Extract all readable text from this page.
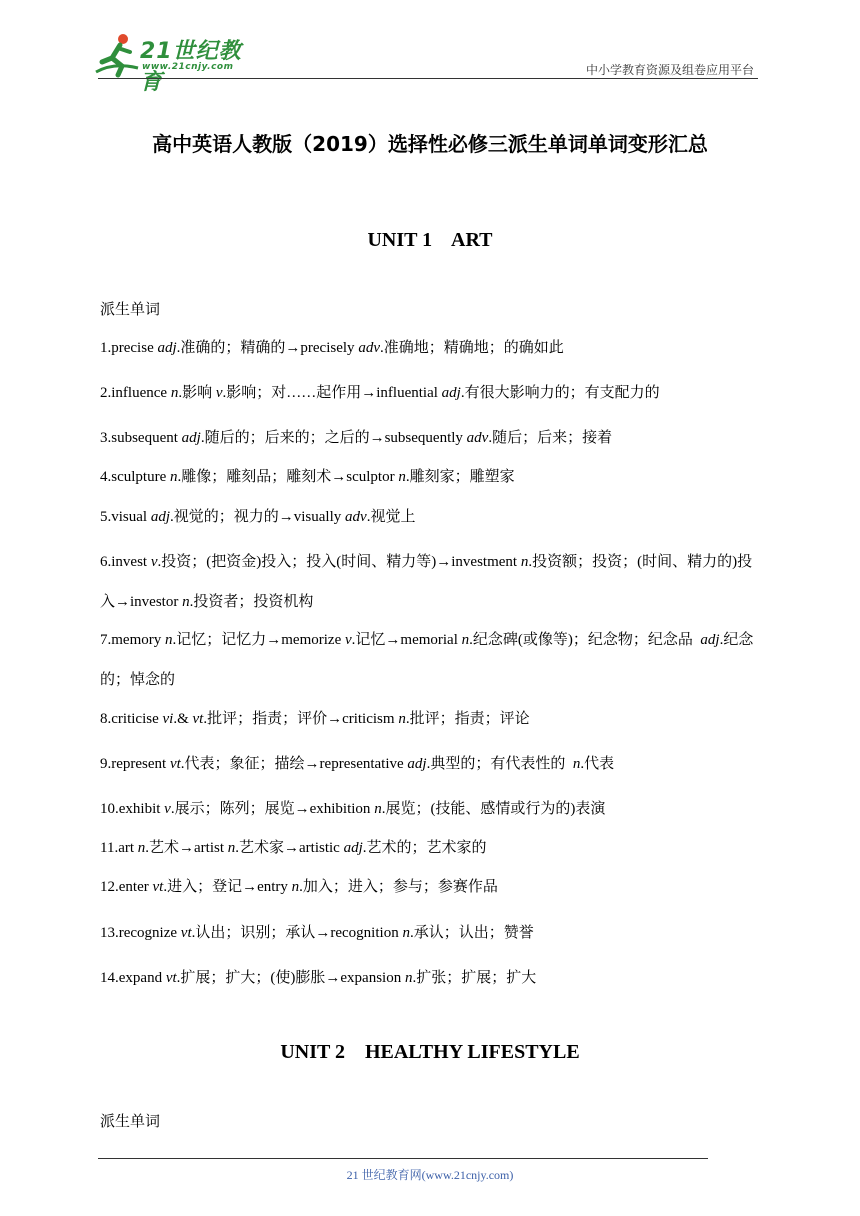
21世纪教育
www.21cnjy.com	中小学教育资源及组卷应用平台
高中英语人教版（2019）选择性必修三派生单词单词变形汇总
UNIT 1    ART
派生单词
1.precise adj.准确的；精确的→precisely adv.准确地；精确地；的确如此
2.influence n.影响 v.影响；对……起作用→influential adj.有很大影响力的；有支配力的
3.subsequent adj.随后的；后来的；之后的→subsequently adv.随后；后来；接着
4.sculpture n.雕像；雕刻品；雕刻术→sculptor n.雕刻家；雕塑家
5.visual adj.视觉的；视力的→visually adv.视觉上
6.invest v.投资；(把资金)投入；投入(时间、精力等)→investment n.投资额；投资；(时间、精力的)投入→investor n.投资者；投资机构
7.memory n.记忆；记忆力→memorize v.记忆→memorial n.纪念碑(或像等)；纪念物；纪念品  adj.纪念的；悼念的
8.criticise vi.& vt.批评；指责；评价→criticism n.批评；指责；评论
9.represent vt.代表；象征；描绘→representative adj.典型的；有代表性的  n.代表
10.exhibit v.展示；陈列；展览→exhibition n.展览；(技能、感情或行为的)表演
11.art n.艺术→artist n.艺术家→artistic adj.艺术的；艺术家的
12.enter vt.进入；登记→entry n.加入；进入；参与；参赛作品
13.recognize vt.认出；识别；承认→recognition n.承认；认出；赞誉
14.expand vt.扩展；扩大；(使)膨胀→expansion n.扩张；扩展；扩大
UNIT 2    HEALTHY LIFESTYLE
派生单词
21 世纪教育网(www.21cnjy.com)
